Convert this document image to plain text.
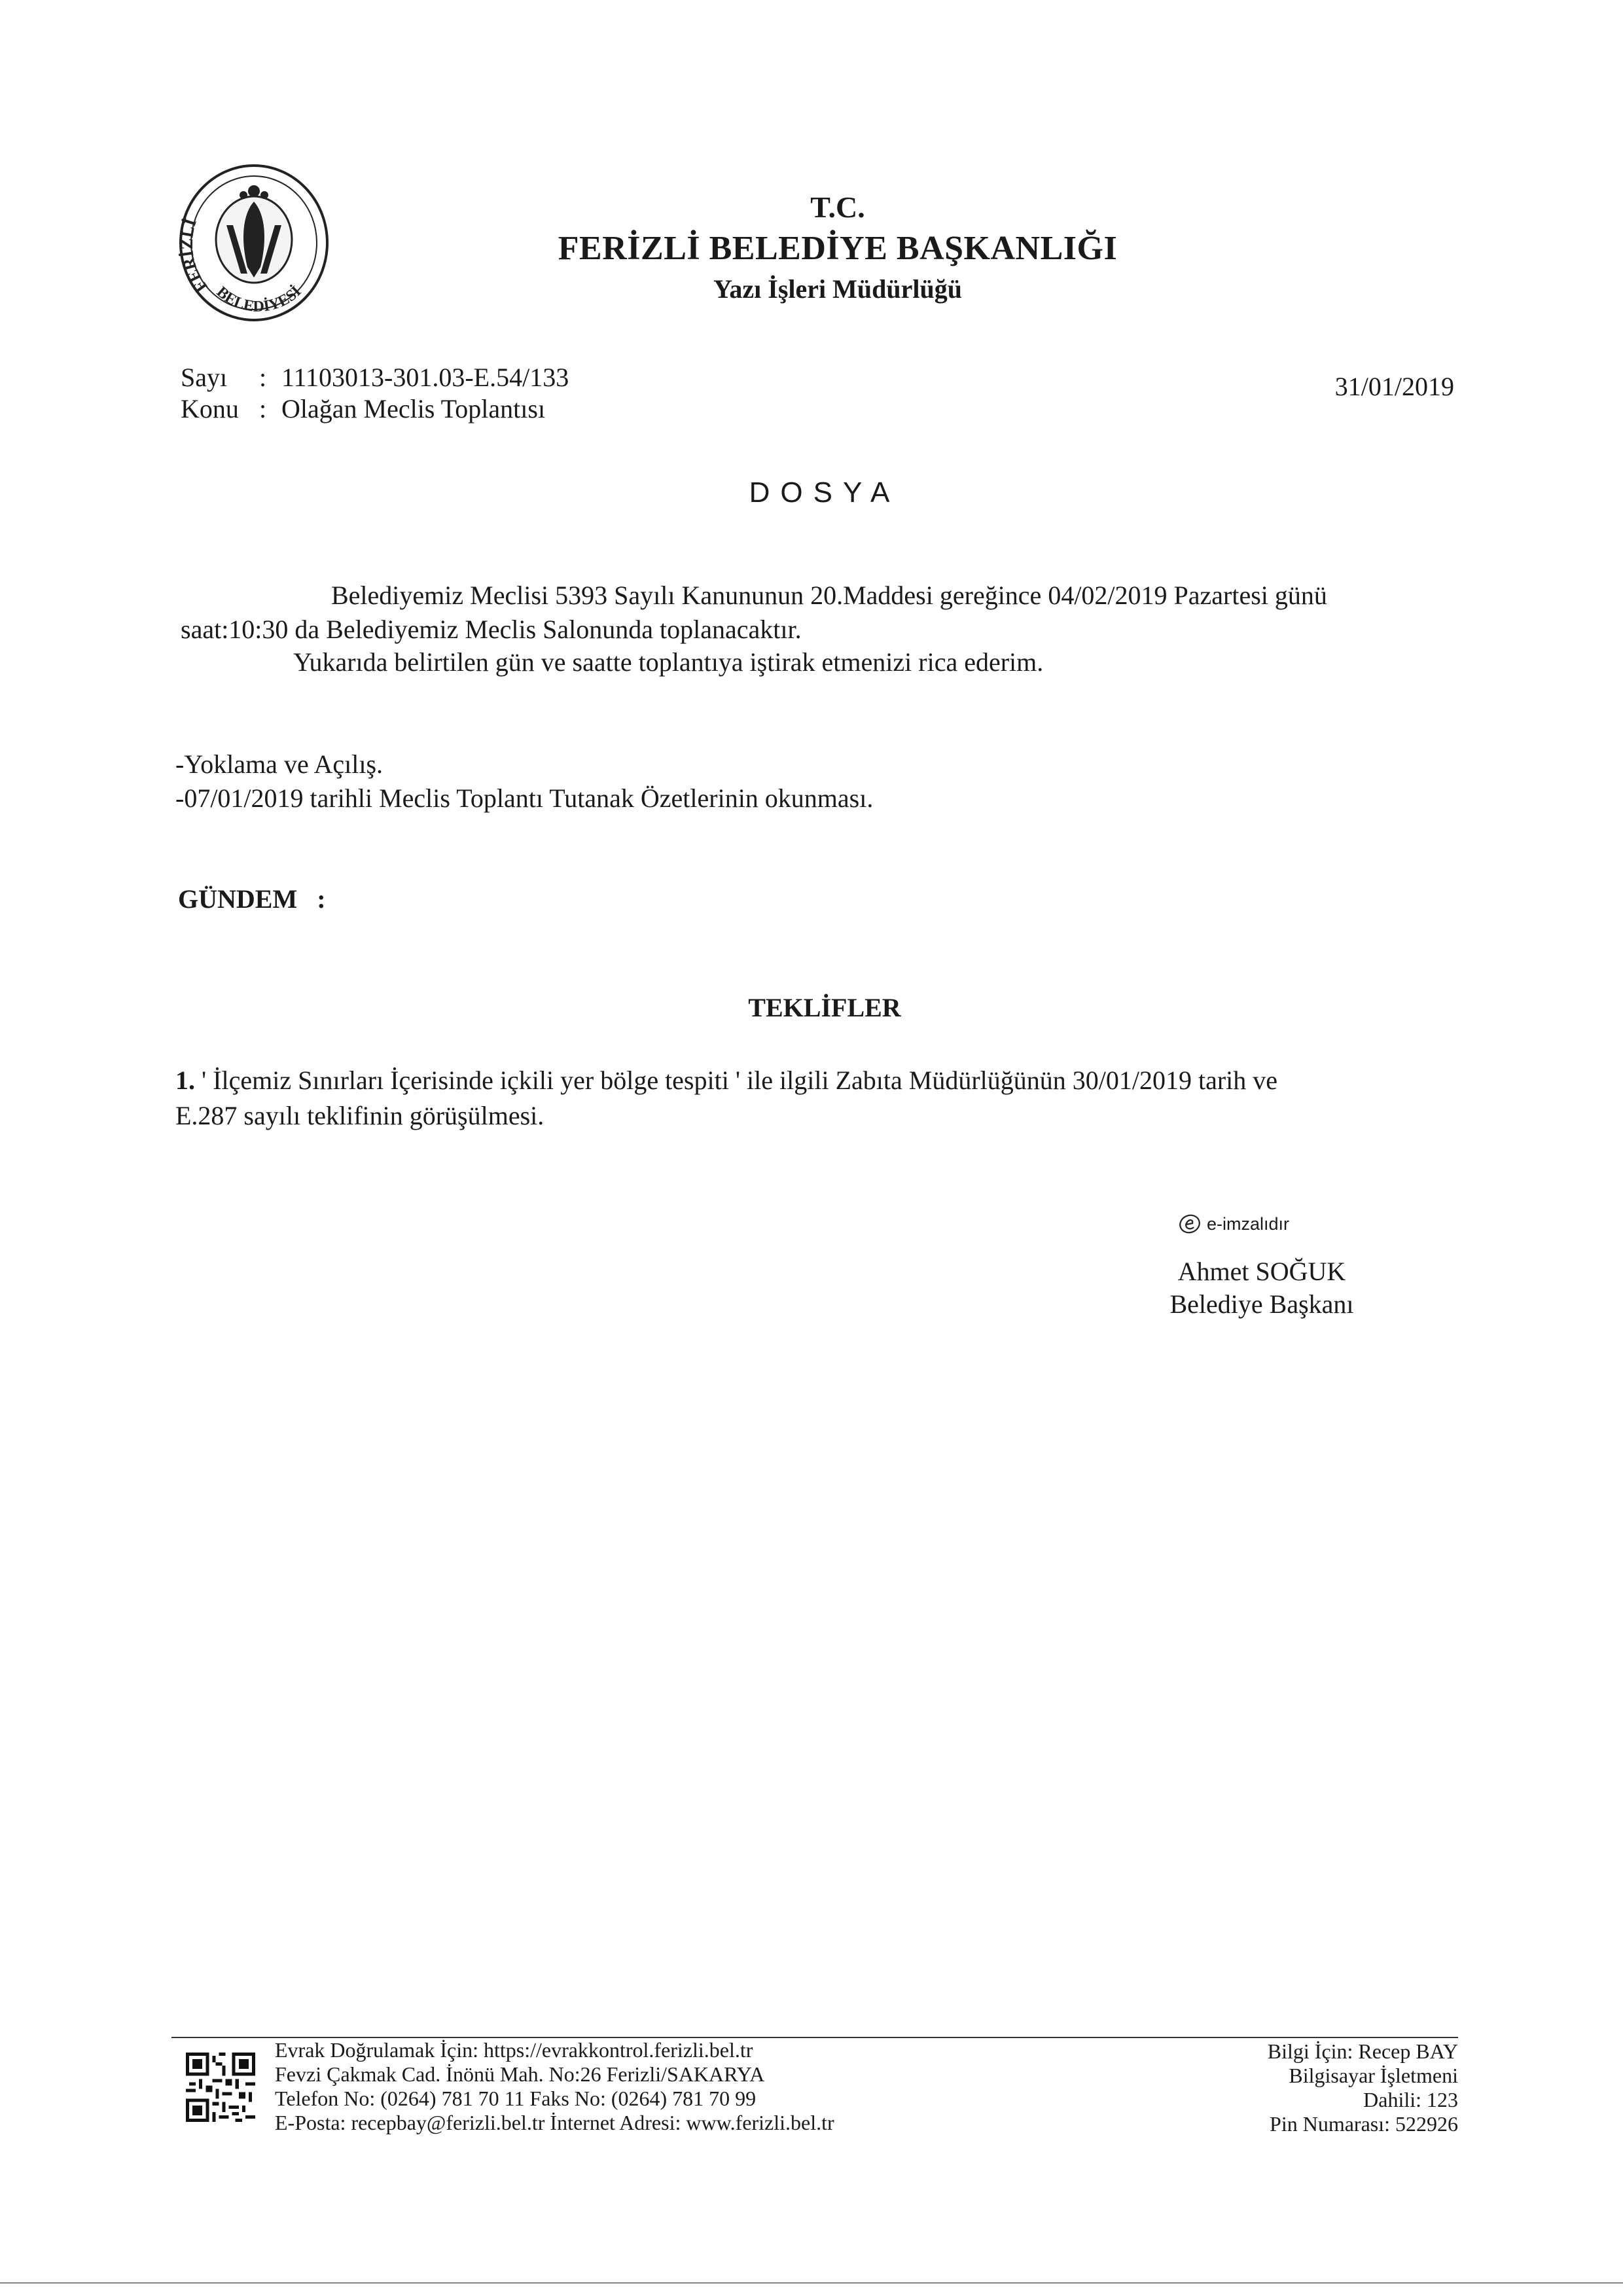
FERİZLİ
BELEDİYESİ

T.C.

FERİZLİ BELEDİYE BAŞKANLIĞI

Yazı İşleri Müdürlüğü

Sayı	: 11103013-301.03-E.54/133
Konu : Olağan Meclis Toplantısı
31/01/2019
DOSYA

Belediyemiz Meclisi 5393 Sayılı Kanununun 20.Maddesi gereğince 04/02/2019 Pazartesi günü

saat:10:30 da Belediyemiz Meclis Salonunda toplanacaktır.

Yukarıda belirtilen gün ve saatte toplantıya iştirak etmenizi rica ederim.

-Yoklama ve Açılış.
-07/01/2019 tarihli Meclis Toplantı Tutanak Özetlerinin okunması.
GÜNDEM   :
TEKLİFLER
1. ' İlçemiz Sınırları İçerisinde içkili yer bölge tespiti ' ile ilgili Zabıta Müdürlüğünün 30/01/2019 tarih ve
E.287 sayılı teklifinin görüşülmesi.
e-imzalıdır
Ahmet SOĞUK
Belediye Başkanı
Evrak Doğrulamak İçin: https://evrakkontrol.ferizli.bel.tr
Fevzi Çakmak Cad. İnönü Mah. No:26 Ferizli/SAKARYA
Telefon No: (0264) 781 70 11 Faks No: (0264) 781 70 99
E-Posta: recepbay@ferizli.bel.tr İnternet Adresi: www.ferizli.bel.tr
Bilgi İçin: Recep BAY
Bilgisayar İşletmeni
Dahili: 123
Pin Numarası: 522926
